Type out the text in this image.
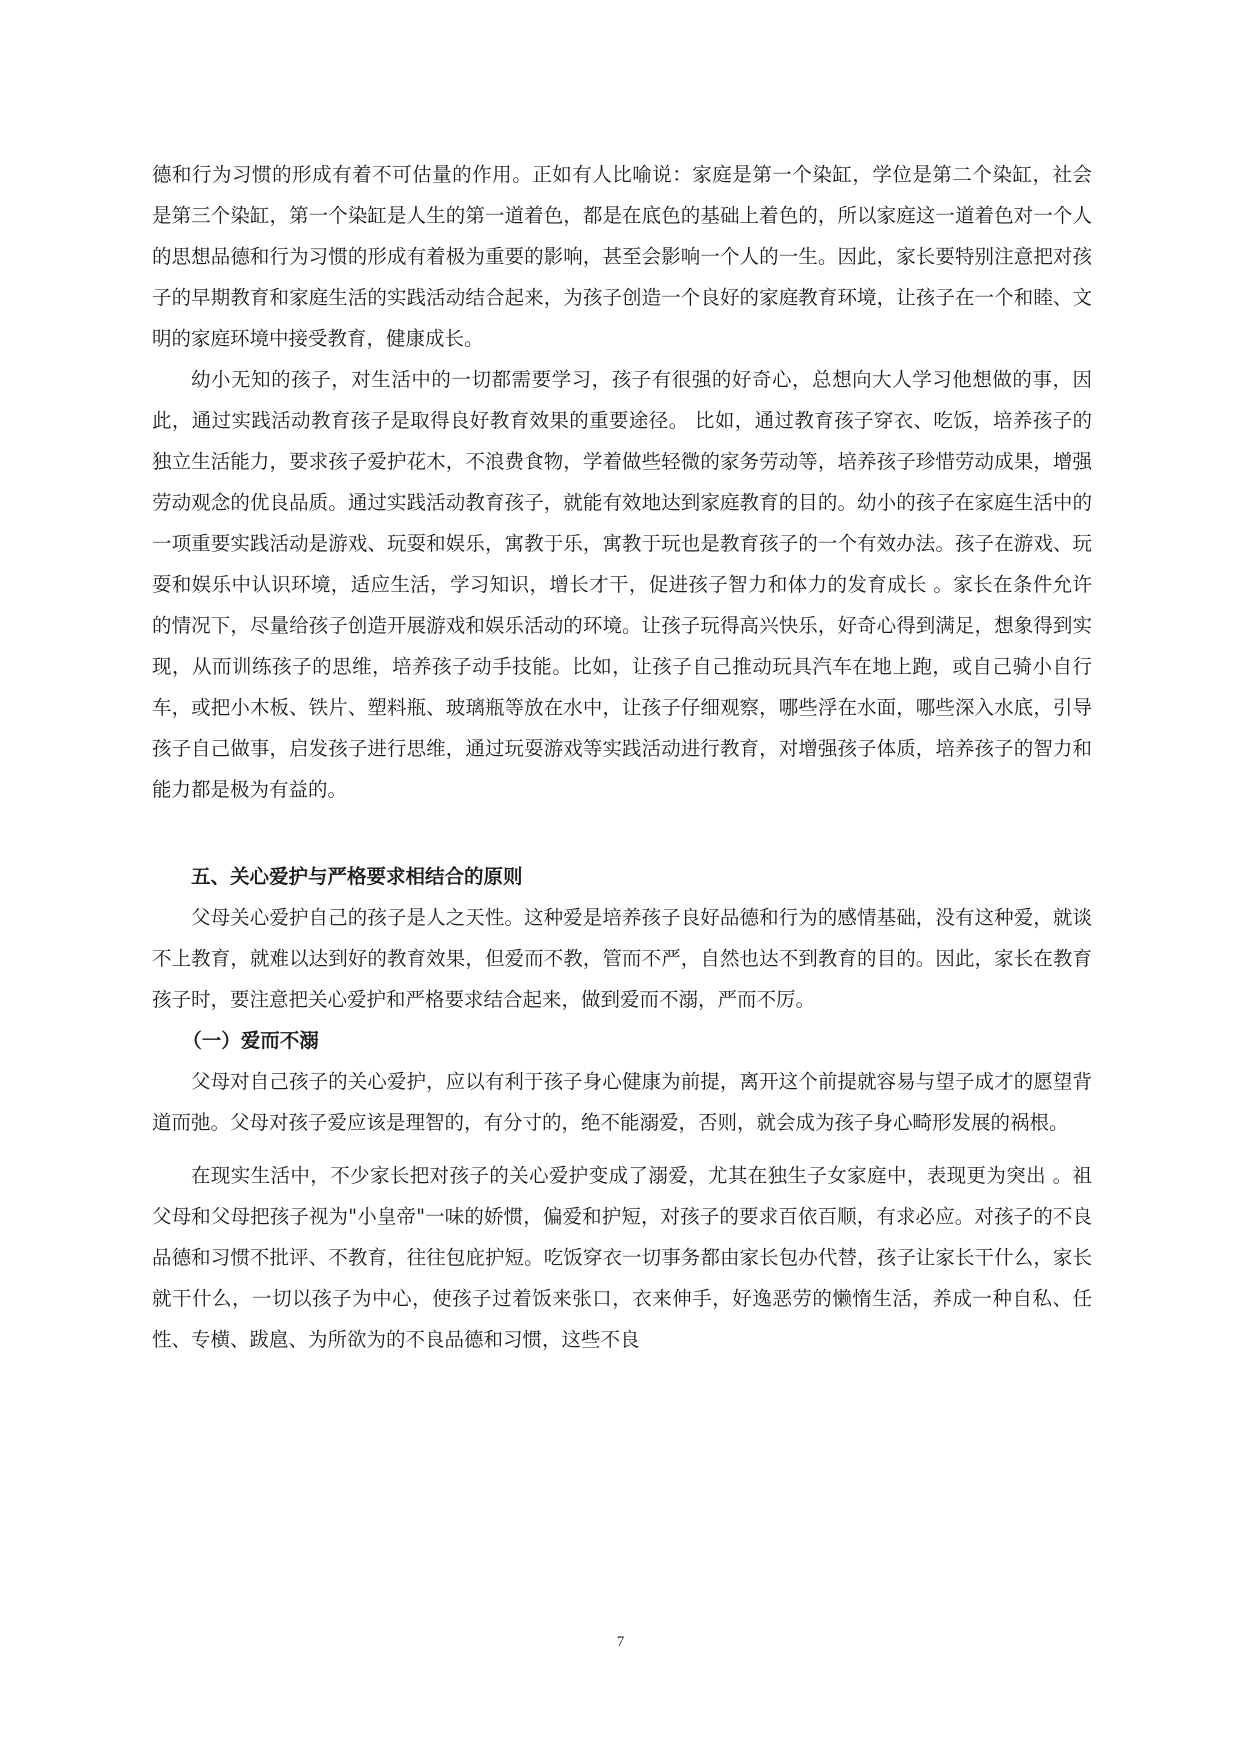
德和行为习惯的形成有着不可估量的作用。正如有人比喻说：家庭是第一个染缸，学位是第二个染缸，社会 是第三个染缸，第一个染缸是人生的第一道着色，都是在底色的基础上着色的，所以家庭这一道着色对一个人的思想品德和行为习惯的形成有着极为重要的影响，甚至会影响一个人的一生。因此，家长要特别注意把对孩子的早期教育和家庭生活的实践活动结合起来，为孩子创造一个良好的家庭教育环境，让孩子在一个和睦、文明的家庭环境中接受教育，健康成长。

幼小无知的孩子，对生活中的一切都需要学习，孩子有很强的好奇心，总想向大人学习他想做的事，因此，通过实践活动教育孩子是取得良好教育效果的重要途径。 比如，通过教育孩子穿衣、吃饭，培养孩子的独立生活能力，要求孩子爱护花木，不浪费食物，学着做些轻微的家务劳动等，培养孩子珍惜劳动成果，增强劳动观念的优良品质。通过实践活动教育孩子，就能有效地达到家庭教育的目的。幼小的孩子在家庭生活中的一项重要实践活动是游戏、玩耍和娱乐，寓教于乐，寓教于玩也是教育孩子的一个有效办法。孩子在游戏、玩耍和娱乐中认识环境，适应生活，学习知识，增长才干，促进孩子智力和体力的发育成长 。家长在条件允许的情况下，尽量给孩子创造开展游戏和娱乐活动的环境。让孩子玩得高兴快乐，好奇心得到满足，想象得到实现，从而训练孩子的思维，培养孩子动手技能。比如，让孩子自己推动玩具汽车在地上跑，或自己骑小自行车，或把小木板、铁片、塑料瓶、玻璃瓶等放在水中，让孩子仔细观察，哪些浮在水面，哪些深入水底，引导孩子自己做事，启发孩子进行思维，通过玩耍游戏等实践活动进行教育，对增强孩子体质，培养孩子的智力和能力都是极为有益的。

五、关心爱护与严格要求相结合的原则

父母关心爱护自己的孩子是人之天性。这种爱是培养孩子良好品德和行为的感情基础，没有这种爱，就谈不上教育，就难以达到好的教育效果，但爱而不教，管而不严，自然也达不到教育的目的。因此，家长在教育孩子时，要注意把关心爱护和严格要求结合起来，做到爱而不溺，严而不厉。

（一）爱而不溺

父母对自己孩子的关心爱护，应以有利于孩子身心健康为前提，离开这个前提就容易与望子成才的愿望背道而弛。父母对孩子爱应该是理智的，有分寸的，绝不能溺爱，否则，就会成为孩子身心畸形发展的祸根。

在现实生活中，不少家长把对孩子的关心爱护变成了溺爱，尤其在独生子女家庭中，表现更为突出 。祖父母和父母把孩子视为"小皇帝"一味的娇惯，偏爱和护短，对孩子的要求百依百顺，有求必应。对孩子的不良品德和习惯不批评、不教育，往往包庇护短。吃饭穿衣一切事务都由家长包办代替，孩子让家长干什么，家长就干什么，一切以孩子为中心，使孩子过着饭来张口，衣来伸手，好逸恶劳的懒惰生活，养成一种自私、任性、专横、跋扈、为所欲为的不良品德和习惯，这些不良

7
